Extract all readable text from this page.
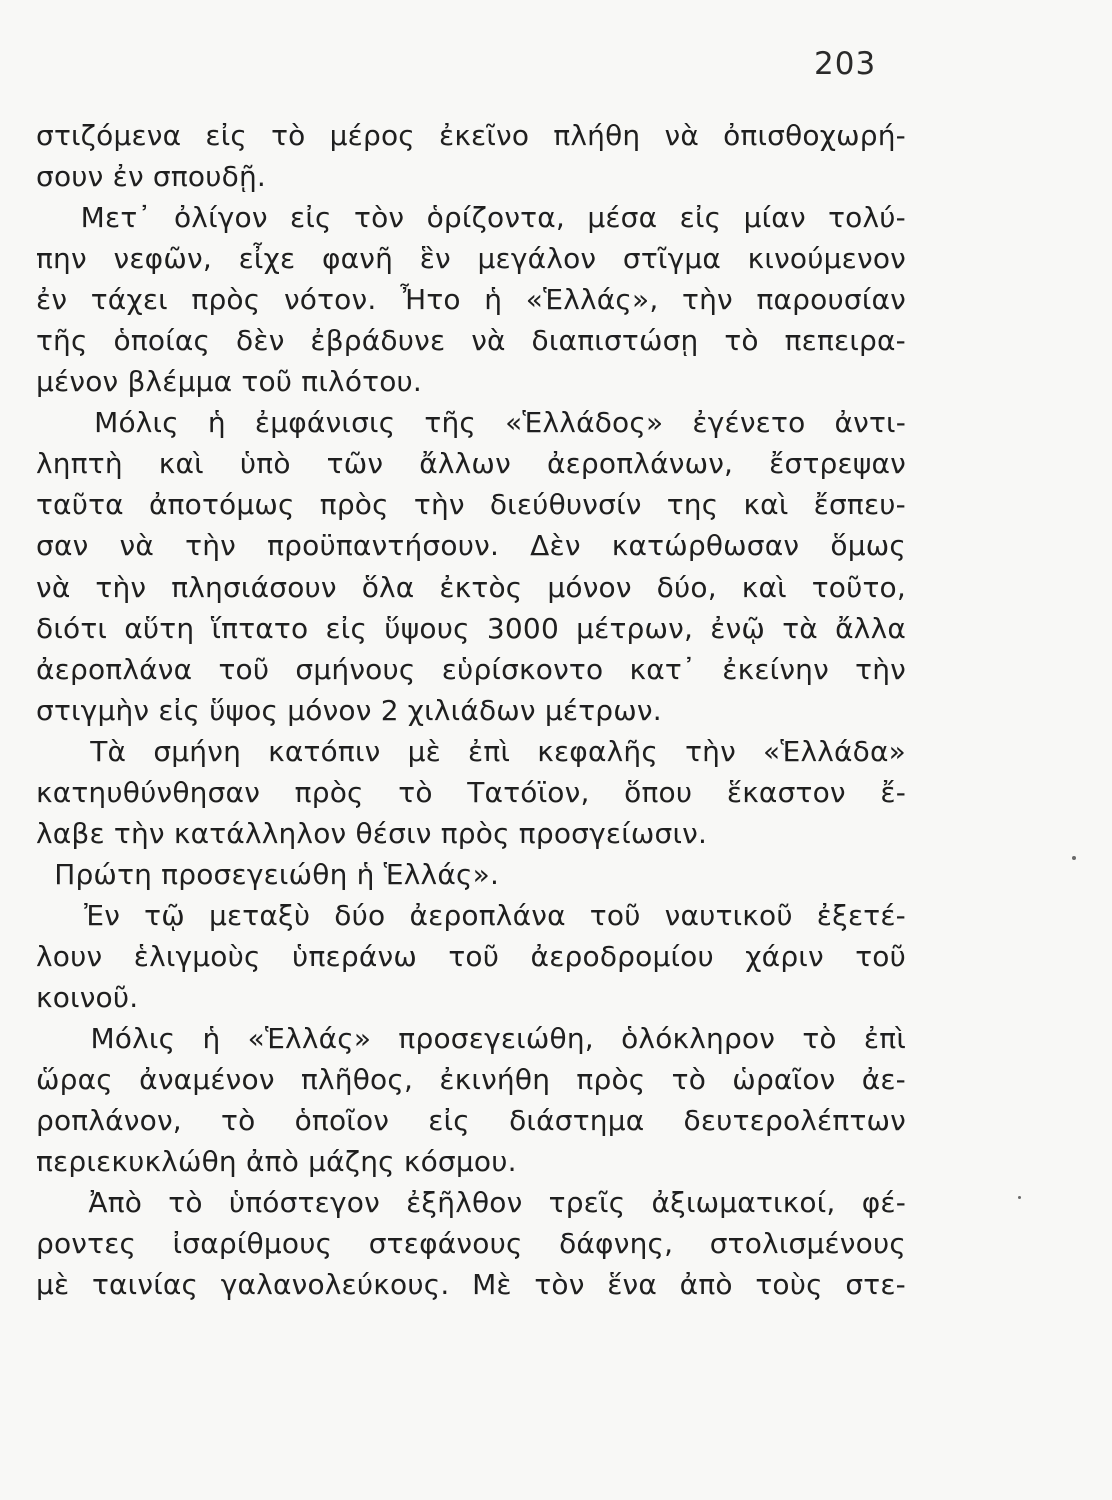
203
στιζόμενα εἰς τὸ μέρος ἐκεῖνο πλήθη νὰ ὀπισθοχωρή-
σουν ἐν σπουδῇ.
Μετ᾽ ὀλίγον εἰς τὸν ὁρίζοντα, μέσα εἰς μίαν τολύ-
πην νεφῶν, εἶχε φανῆ ἓν μεγάλον στῖγμα κινούμενον
ἐν τάχει πρὸς νότον. Ἦτο ἡ «Ἑλλάς», τὴν παρουσίαν
τῆς ὁποίας δὲν ἐβράδυνε νὰ διαπιστώσῃ τὸ πεπειρα-
μένον βλέμμα τοῦ πιλότου.
Μόλις ἡ ἐμφάνισις τῆς «Ἑλλάδος» ἐγένετο ἀντι-
ληπτὴ καὶ ὑπὸ τῶν ἄλλων ἀεροπλάνων, ἔστρεψαν
ταῦτα ἀποτόμως πρὸς τὴν διεύθυνσίν της καὶ ἔσπευ-
σαν νὰ τὴν προϋπαντήσουν. Δὲν κατώρθωσαν ὅμως
νὰ τὴν πλησιάσουν ὅλα ἐκτὸς μόνον δύο, καὶ τοῦτο,
διότι αὕτη ἵπτατο εἰς ὕψους 3000 μέτρων, ἐνῷ τὰ ἄλλα
ἀεροπλάνα τοῦ σμήνους εὑρίσκοντο κατ᾽ ἐκείνην τὴν
στιγμὴν εἰς ὕψος μόνον 2 χιλιάδων μέτρων.
Τὰ σμήνη κατόπιν μὲ ἐπὶ κεφαλῆς τὴν «Ἑλλάδα»
κατηυθύνθησαν πρὸς τὸ Τατόϊον, ὅπου ἕκαστον ἔ-
λαβε τὴν κατάλληλον θέσιν πρὸς προσγείωσιν.
Πρώτη προσεγειώθη ἡ Ἑλλάς».
Ἐν τῷ μεταξὺ δύο ἀεροπλάνα τοῦ ναυτικοῦ ἐξετέ-
λουν ἑλιγμοὺς ὑπεράνω τοῦ ἀεροδρομίου χάριν τοῦ
κοινοῦ.
Μόλις ἡ «Ἑλλάς» προσεγειώθη, ὁλόκληρον τὸ ἐπὶ
ὥρας ἀναμένον πλῆθος, ἐκινήθη πρὸς τὸ ὡραῖον ἀε-
ροπλάνον, τὸ ὁποῖον εἰς διάστημα δευτερολέπτων
περιεκυκλώθη ἀπὸ μάζης κόσμου.
Ἀπὸ τὸ ὑπόστεγον ἐξῆλθον τρεῖς ἀξιωματικοί, φέ-
ροντες ἰσαρίθμους στεφάνους δάφνης, στολισμένους
μὲ ταινίας γαλανολεύκους. Μὲ τὸν ἕνα ἀπὸ τοὺς στε-
